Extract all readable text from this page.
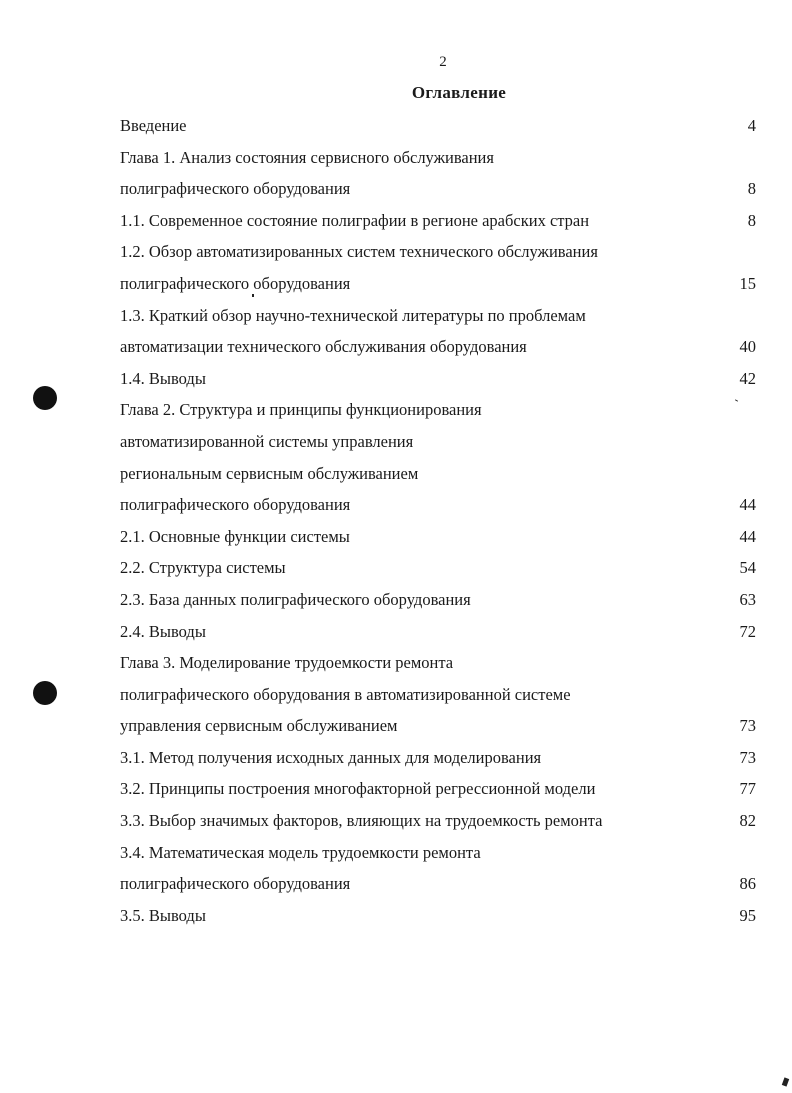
2
Оглавление
Введение	4
Глава 1. Анализ состояния сервисного обслуживания
полиграфического оборудования	8
1.1. Современное состояние полиграфии в регионе арабских стран	8
1.2. Обзор автоматизированных систем технического обслуживания
полиграфического оборудования	15
1.3. Краткий обзор научно-технической литературы по проблемам
автоматизации технического обслуживания оборудования	40
1.4. Выводы	42
Глава 2. Структура и принципы функционирования
автоматизированной системы управления
региональным сервисным обслуживанием
полиграфического оборудования	44
2.1. Основные функции системы	44
2.2. Структура системы	54
2.3. База данных полиграфического оборудования	63
2.4. Выводы	72
Глава 3. Моделирование трудоемкости ремонта
полиграфического оборудования в автоматизированной системе
управления сервисным обслуживанием	73
3.1. Метод получения исходных данных для моделирования	73
3.2. Принципы построения многофакторной регрессионной модели	77
3.3. Выбор значимых факторов, влияющих на трудоемкость ремонта	82
3.4. Математическая модель трудоемкости ремонта
полиграфического оборудования	86
3.5. Выводы	95
